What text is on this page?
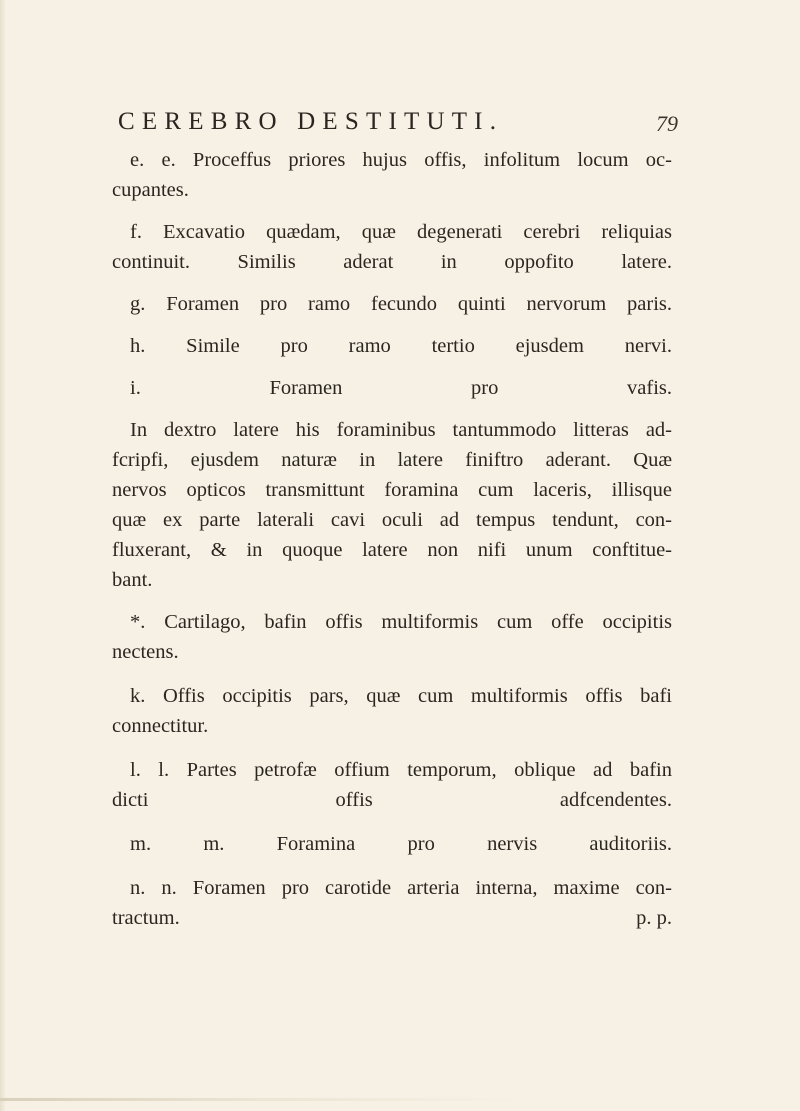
CEREBRO DESTITUTI.	79
e. e. Proceffus priores hujus offis, infolitum locum oc-
cupantes.
f. Excavatio quædam, quæ degenerati cerebri reliquias
continuit. Similis aderat in oppofito latere.
g. Foramen pro ramo fecundo quinti nervorum paris.
h. Simile pro ramo tertio ejusdem nervi.
i. Foramen pro vafis.
In dextro latere his foraminibus tantummodo litteras ad-
fcripfi, ejusdem naturæ in latere finiftro aderant. Quæ
nervos opticos transmittunt foramina cum laceris, illisque
quæ ex parte laterali cavi oculi ad tempus tendunt, con-
fluxerant, & in quoque latere non nifi unum conftitue-
bant.
*. Cartilago, bafin offis multiformis cum offe occipitis
nectens.
k. Offis occipitis pars, quæ cum multiformis offis bafi
connectitur.
l. l. Partes petrofæ offium temporum, oblique ad bafin
dicti offis adfcendentes.
m. m. Foramina pro nervis auditoriis.
n. n. Foramen pro carotide arteria interna, maxime con-
tractum.	p. p.
